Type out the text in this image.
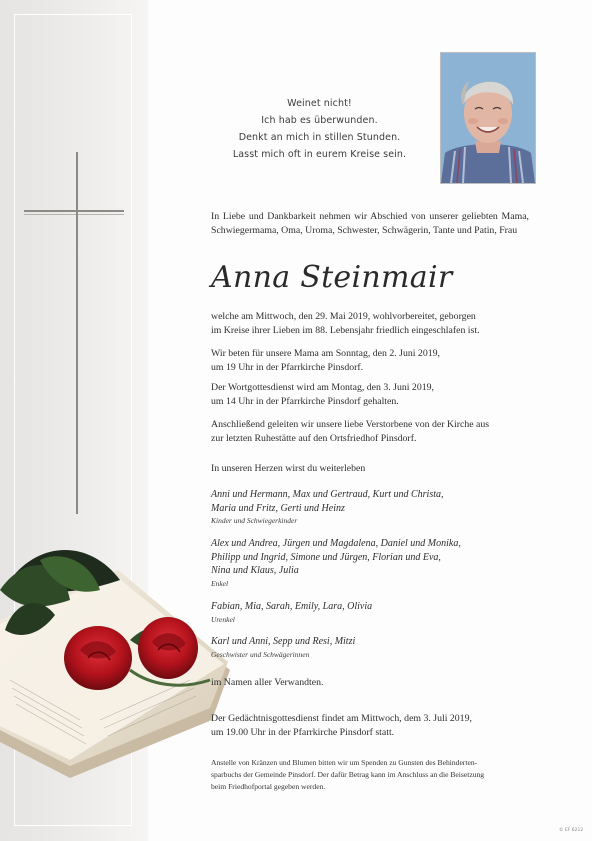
Weinet nicht!
Ich hab es überwunden.
Denkt an mich in stillen Stunden.
Lasst mich oft in eurem Kreise sein.

In Liebe und Dankbarkeit nehmen wir Abschied von unserer geliebten Mama, Schwiegermama, Oma, Uroma, Schwester, Schwägerin, Tante und Patin, Frau

Anna Steinmair
welche am Mittwoch, den 29. Mai 2019, wohlvorbereitet, geborgen
im Kreise ihrer Lieben im 88. Lebensjahr friedlich eingeschlafen ist.
Wir beten für unsere Mama am Sonntag, den 2. Juni 2019,
um 19 Uhr in der Pfarrkirche Pinsdorf.
Der Wortgottesdienst wird am Montag, den 3. Juni 2019,
um 14 Uhr in der Pfarrkirche Pinsdorf gehalten.
Anschließend geleiten wir unsere liebe Verstorbene von der Kirche aus
zur letzten Ruhestätte auf den Ortsfriedhof Pinsdorf.
In unseren Herzen wirst du weiterleben
Anni und Hermann, Max und Gertraud, Kurt und Christa,
Maria und Fritz, Gerti und Heinz
Kinder und Schwiegerkinder
Alex und Andrea, Jürgen und Magdalena, Daniel und Monika,
Philipp und Ingrid, Simone und Jürgen, Florian und Eva,
Nina und Klaus, Julia
Enkel
Fabian, Mia, Sarah, Emily, Lara, Olivia
Urenkel
Karl und Anni, Sepp und Resi, Mitzi
Geschwister und Schwägerinnen
im Namen aller Verwandten.
Der Gedächtnisgottesdienst findet am Mittwoch, dem 3. Juli 2019,
um 19.00 Uhr in der Pfarrkirche Pinsdorf statt.
Anstelle von Kränzen und Blumen bitten wir um Spenden zu Gunsten des Behinderten-
sparbuchs der Gemeinde Pinsdorf. Der dafür Betrag kann im Anschluss an die Beisetzung
beim Friedhofportal gegeben werden.
© EF 6212
